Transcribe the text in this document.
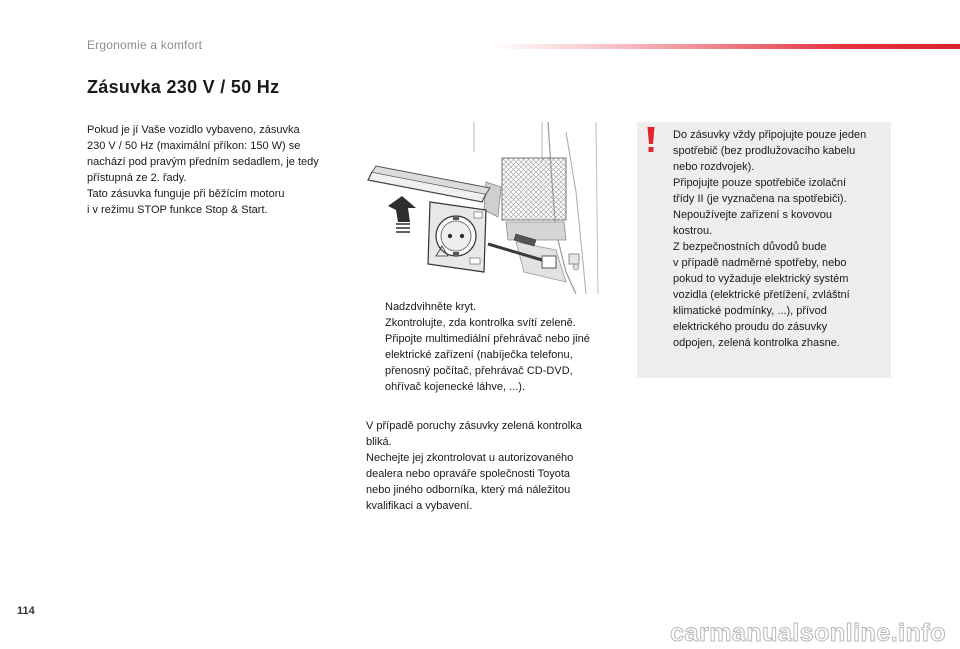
Ergonomie a komfort
Zásuvka 230 V / 50 Hz

Pokud je jí Vaše vozidlo vybaveno, zásuvka

230 V / 50 Hz (maximální příkon: 150 W) se

nachází pod pravým předním sedadlem, je tedy

přístupná ze 2. řady.

Tato zásuvka funguje při běžícím motoru

i v režimu STOP funkce Stop & Start.

Nadzdvihněte kryt.
Zkontrolujte, zda kontrolka svítí zeleně.
Připojte multimediální přehrávač nebo jiné
elektrické zařízení (nabíječka telefonu,
přenosný počítač, přehrávač CD-DVD,
ohřívač kojenecké láhve, ...).

V případě poruchy zásuvky zelená kontrolka

bliká.

Nechejte jej zkontrolovat u autorizovaného

dealera nebo opraváře společnosti Toyota

nebo jiného odborníka, který má náležitou

kvalifikaci a vybavení.

Do zásuvky vždy připojujte pouze jeden

spotřebič (bez prodlužovacího kabelu

nebo rozdvojek).

Připojujte pouze spotřebiče izolační

třídy II (je vyznačena na spotřebiči).

Nepoužívejte zařízení s kovovou

kostrou.

Z bezpečnostních důvodů bude

v případě nadměrné spotřeby, nebo

pokud to vyžaduje elektrický systém

vozidla (elektrické přetížení, zvláštní

klimatické podmínky, ...), přívod

elektrického proudu do zásuvky

odpojen, zelená kontrolka zhasne.

114
carmanualsonline.info
